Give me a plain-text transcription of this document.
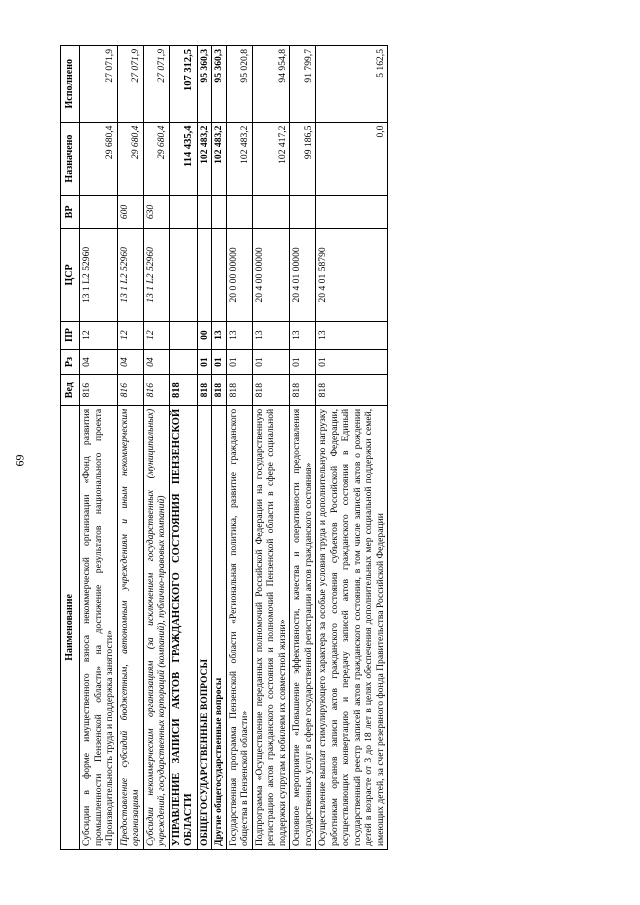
69
Наименование	Вед	Рз	ПР	ЦСР	ВР	Назначено	Исполнено
Субсидии в форме имущественного взноса некоммерческой организации «Фонд развития промышленности Пензенской области» на достижение результатов национального проекта «Производительность труда и поддержка занятости»	816	04	12	13 1 L2 52960		29 680,4	27 071,9
Предоставление субсидий бюджетным, автономным учреждениям и иным некоммерческим организациям	816	04	12	13 1 L2 52960	600	29 680,4	27 071,9
Субсидии некоммерческим организациям (за исключением государственных (муниципальных) учреждений, государственных корпораций (компаний), публично-правовых компаний)	816	04	12	13 1 L2 52960	630	29 680,4	27 071,9
УПРАВЛЕНИЕ ЗАПИСИ АКТОВ ГРАЖДАНСКОГО СОСТОЯНИЯ ПЕНЗЕНСКОЙ ОБЛАСТИ	818					114 435,4	107 312,5
ОБЩЕГОСУДАРСТВЕННЫЕ ВОПРОСЫ	818	01	00			102 483,2	95 360,3
Другие общегосударственные вопросы	818	01	13			102 483,2	95 360,3
Государственная программа Пензенской области «Региональная политика, развитие гражданского общества в Пензенской области»	818	01	13	20 0 00 00000		102 483,2	95 020,8
Подпрограмма «Осуществление переданных полномочий Российской Федерации на государственную регистрацию актов гражданского состояния и полномочий Пензенской области в сфере социальной поддержки супругам к юбилеям их совместной жизни»	818	01	13	20 4 00 00000		102 417,2	94 954,8
Основное мероприятие «Повышение эффективности, качества и оперативности предоставления государственных услуг в сфере государственной регистрации актов гражданского состояния»	818	01	13	20 4 01 00000		99 186,5	91 799,7
Осуществление выплат стимулирующего характера за особые условия труда и дополнительную нагрузку работникам органов записи актов гражданского состояния субъектов Российской Федерации, осуществляющих конвертацию и передачу записей актов гражданского состояния в Единый государственный реестр записей актов гражданского состояния, в том числе записей актов о рождении детей в возрасте от 3 до 18 лет в целях обеспечения дополнительных мер социальной поддержки семей, имеющих детей, за счет резервного фонда Правительства Российской Федерации	818	01	13	20 4 01 58790		0,0	5 162,5
